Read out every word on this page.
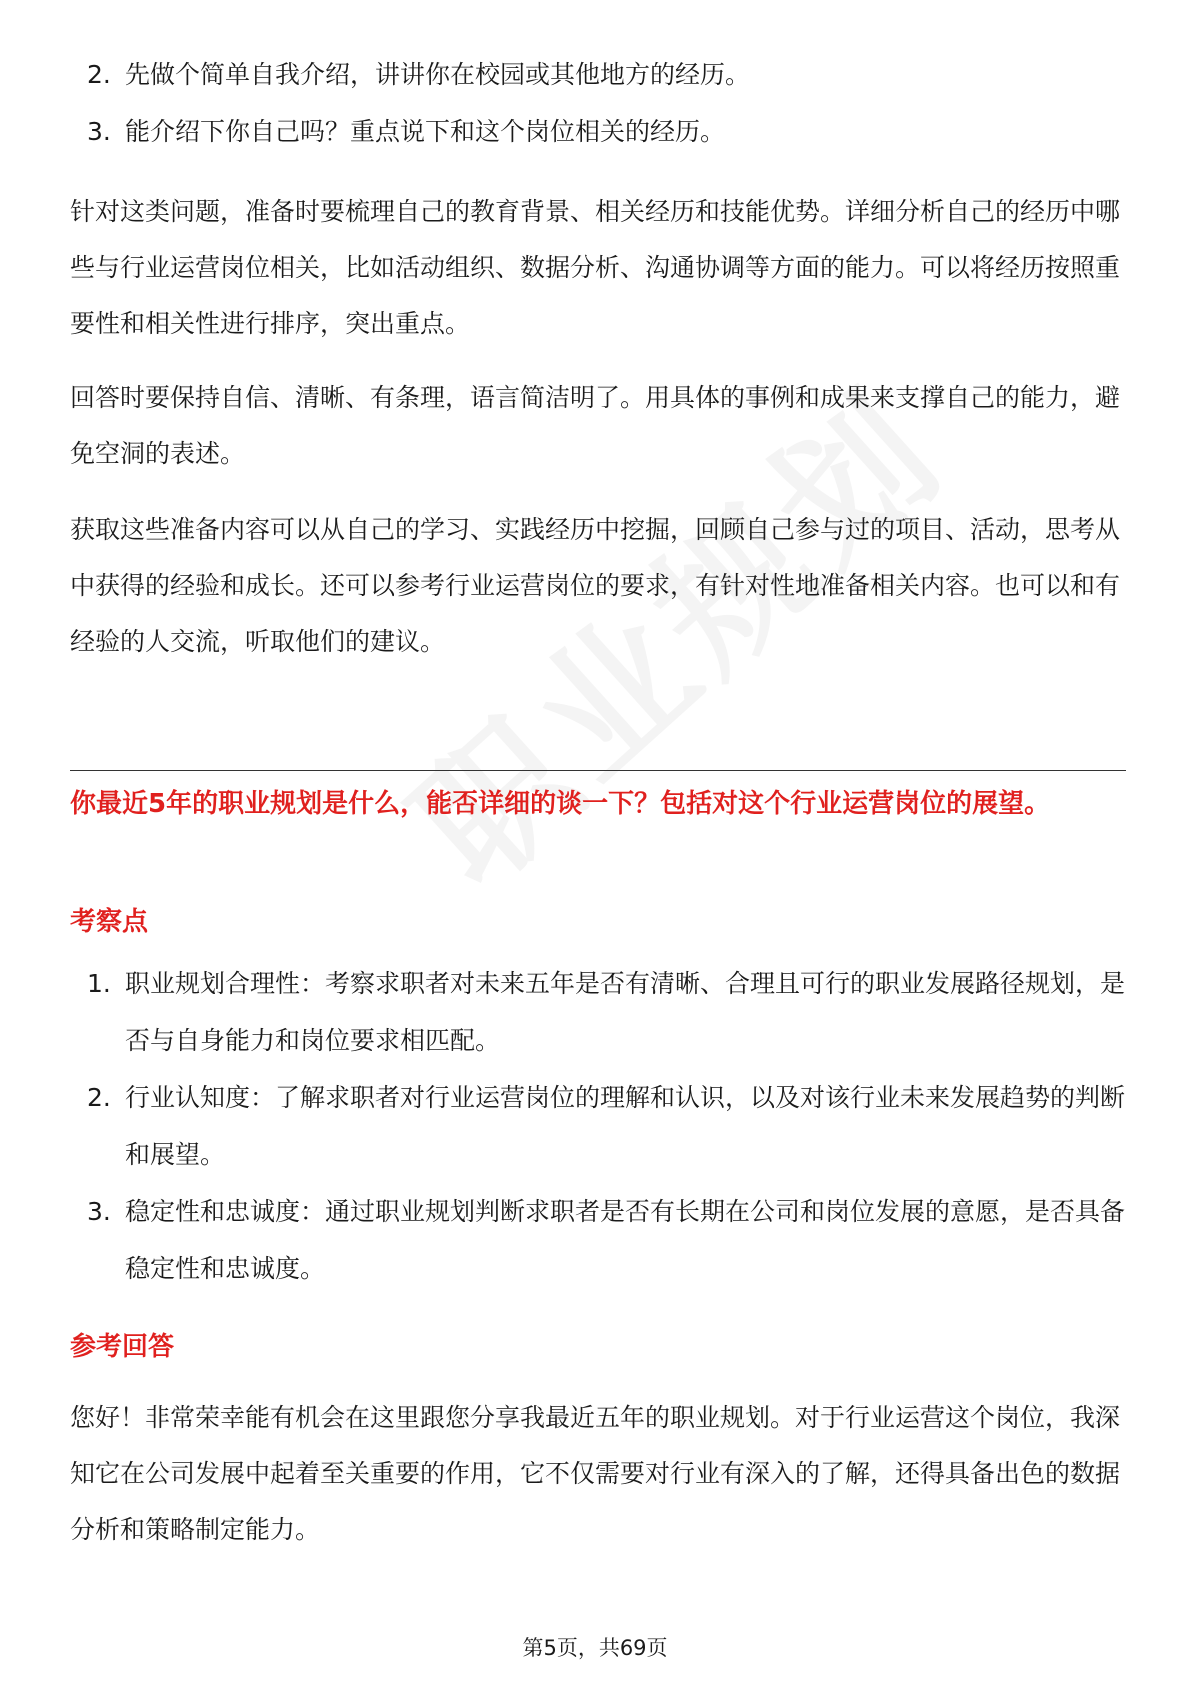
2. 先做个简单自我介绍，讲讲你在校园或其他地方的经历。
3. 能介绍下你自己吗？重点说下和这个岗位相关的经历。

针对这类问题，准备时要梳理自己的教育背景、相关经历和技能优势。详细分析自己的经历中哪些与行业运营岗位相关，比如活动组织、数据分析、沟通协调等方面的能力。可以将经历按照重要性和相关性进行排序，突出重点。

回答时要保持自信、清晰、有条理，语言简洁明了。用具体的事例和成果来支撑自己的能力，避免空洞的表述。

获取这些准备内容可以从自己的学习、实践经历中挖掘，回顾自己参与过的项目、活动，思考从中获得的经验和成长。还可以参考行业运营岗位的要求，有针对性地准备相关内容。也可以和有经验的人交流，听取他们的建议。

你最近5年的职业规划是什么，能否详细的谈一下？包括对这个行业运营岗位的展望。

考察点
1. 职业规划合理性：考察求职者对未来五年是否有清晰、合理且可行的职业发展路径规划，是否与自身能力和岗位要求相匹配。
2. 行业认知度：了解求职者对行业运营岗位的理解和认识，以及对该行业未来发展趋势的判断和展望。
3. 稳定性和忠诚度：通过职业规划判断求职者是否有长期在公司和岗位发展的意愿，是否具备稳定性和忠诚度。
参考回答

您好！非常荣幸能有机会在这里跟您分享我最近五年的职业规划。对于行业运营这个岗位，我深知它在公司发展中起着至关重要的作用，它不仅需要对行业有深入的了解，还得具备出色的数据分析和策略制定能力。

第5页，共69页
